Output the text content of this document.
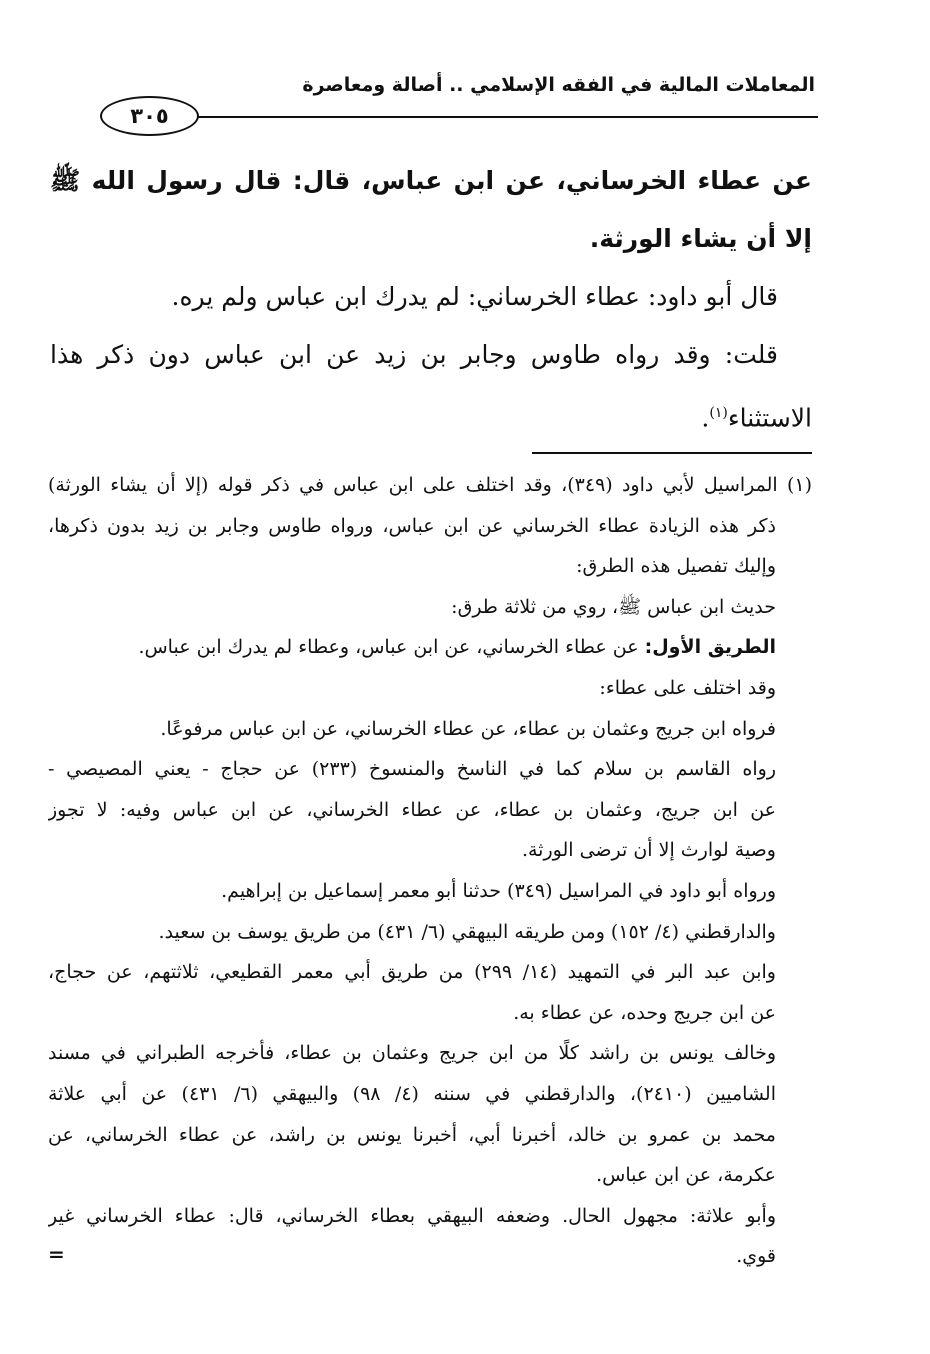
المعاملات المالية في الفقه الإسلامي .. أصالة ومعاصرة
٣٠٥
عن عطاء الخرساني، عن ابن عباس، قال: قال رسول الله ﷺ
إلا أن يشاء الورثة.
قال أبو داود: عطاء الخرساني: لم يدرك ابن عباس ولم يره.
قلت: وقد رواه طاوس وجابر بن زيد عن ابن عباس دون ذكر هذا
الاستثناء$^{(١)}$.
(١) المراسيل لأبي داود (٣٤٩)، وقد اختلف على ابن عباس في ذكر قوله (إلا أن يشاء الورثة)
ذكر هذه الزيادة عطاء الخرساني عن ابن عباس، ورواه طاوس وجابر بن زيد بدون ذكرها،
وإليك تفصيل هذه الطرق:
حديث ابن عباس ﷺ، روي من ثلاثة طرق:
الطريق الأول: عن عطاء الخرساني، عن ابن عباس، وعطاء لم يدرك ابن عباس.
وقد اختلف على عطاء:
فرواه ابن جريج وعثمان بن عطاء، عن عطاء الخرساني، عن ابن عباس مرفوعًا.
رواه القاسم بن سلام كما في الناسخ والمنسوخ (٢٣٣) عن حجاج - يعني المصيصي -
عن ابن جريج، وعثمان بن عطاء، عن عطاء الخرساني، عن ابن عباس وفيه: لا تجوز
وصية لوارث إلا أن ترضى الورثة.
ورواه أبو داود في المراسيل (٣٤٩) حدثنا أبو معمر إسماعيل بن إبراهيم.
والدارقطني (٤/ ١٥٢) ومن طريقه البيهقي (٦/ ٤٣١) من طريق يوسف بن سعيد.
وابن عبد البر في التمهيد (١٤/ ٢٩٩) من طريق أبي معمر القطيعي، ثلاثتهم، عن حجاج،
عن ابن جريج وحده، عن عطاء به.
وخالف يونس بن راشد كلًا من ابن جريج وعثمان بن عطاء، فأخرجه الطبراني في مسند
الشاميين (٢٤١٠)، والدارقطني في سننه (٤/ ٩٨) والبيهقي (٦/ ٤٣١) عن أبي علاثة
محمد بن عمرو بن خالد، أخبرنا أبي، أخبرنا يونس بن راشد، عن عطاء الخرساني، عن
عكرمة، عن ابن عباس.
وأبو علاثة: مجهول الحال. وضعفه البيهقي بعطاء الخرساني، قال: عطاء الخرساني غير
قوي.
=
